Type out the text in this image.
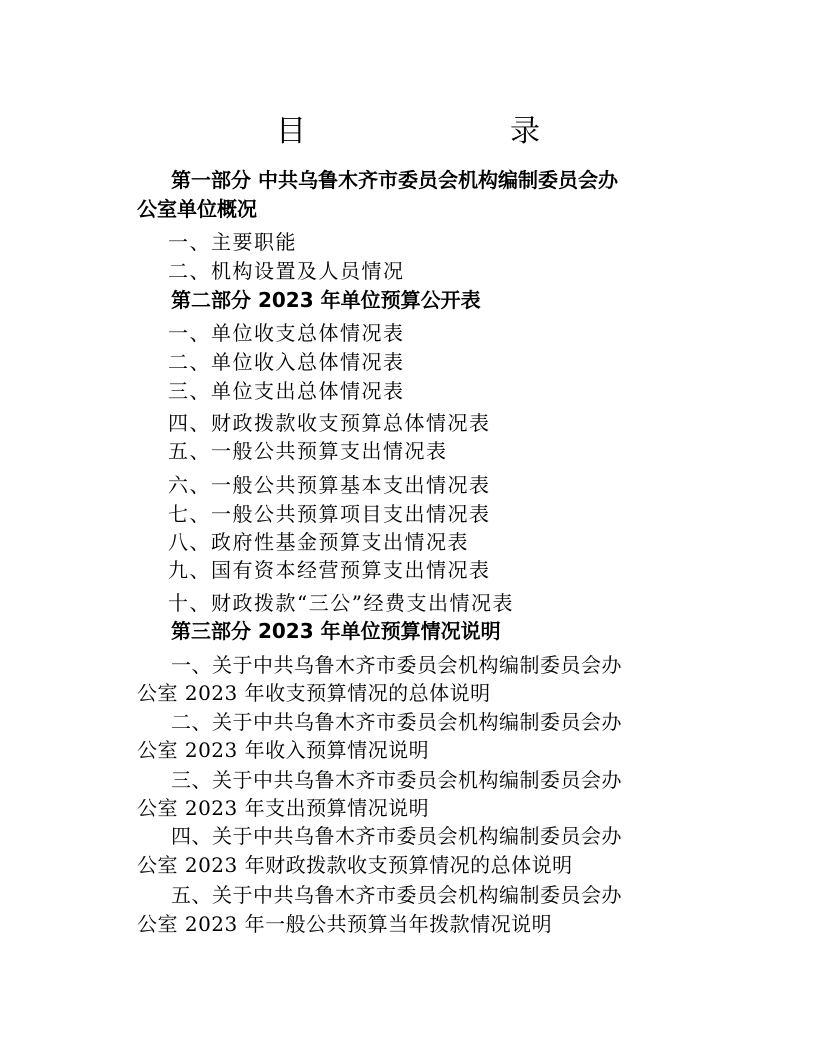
目　　录
第一部分 中共乌鲁木齐市委员会机构编制委员会办
公室单位概况
一、主要职能
二、机构设置及人员情况
第二部分 2023 年单位预算公开表
一、单位收支总体情况表
二、单位收入总体情况表
三、单位支出总体情况表
四、财政拨款收支预算总体情况表
五、一般公共预算支出情况表
六、一般公共预算基本支出情况表
七、一般公共预算项目支出情况表
八、政府性基金预算支出情况表
九、国有资本经营预算支出情况表
十、财政拨款“三公”经费支出情况表
第三部分 2023 年单位预算情况说明
一、关于中共乌鲁木齐市委员会机构编制委员会办
公室 2023 年收支预算情况的总体说明
二、关于中共乌鲁木齐市委员会机构编制委员会办
公室 2023 年收入预算情况说明
三、关于中共乌鲁木齐市委员会机构编制委员会办
公室 2023 年支出预算情况说明
四、关于中共乌鲁木齐市委员会机构编制委员会办
公室 2023 年财政拨款收支预算情况的总体说明
五、关于中共乌鲁木齐市委员会机构编制委员会办
公室 2023 年一般公共预算当年拨款情况说明
